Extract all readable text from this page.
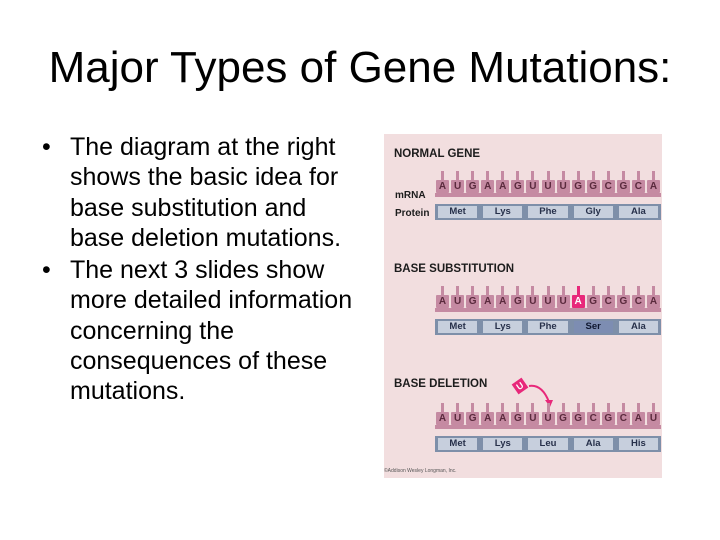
Major Types of Gene Mutations:
• The diagram at the right shows the basic idea for base substitution and base deletion mutations.
• The next 3 slides show more detailed information concerning the consequences of these mutations.
NORMAL GENE
mRNA
Protein
BASE SUBSTITUTION
BASE DELETION	U
A U G A A G U U U G G C G C A
Met	Lys	Phe	Gly	Ala
A U G A A G U U U A G C G C A
Met	Lys	Phe	Ser	Ala
A U G A A G U U G G C G C A U
Met	Lys	Leu	Ala	His
©Addison Wesley Longman, Inc.
